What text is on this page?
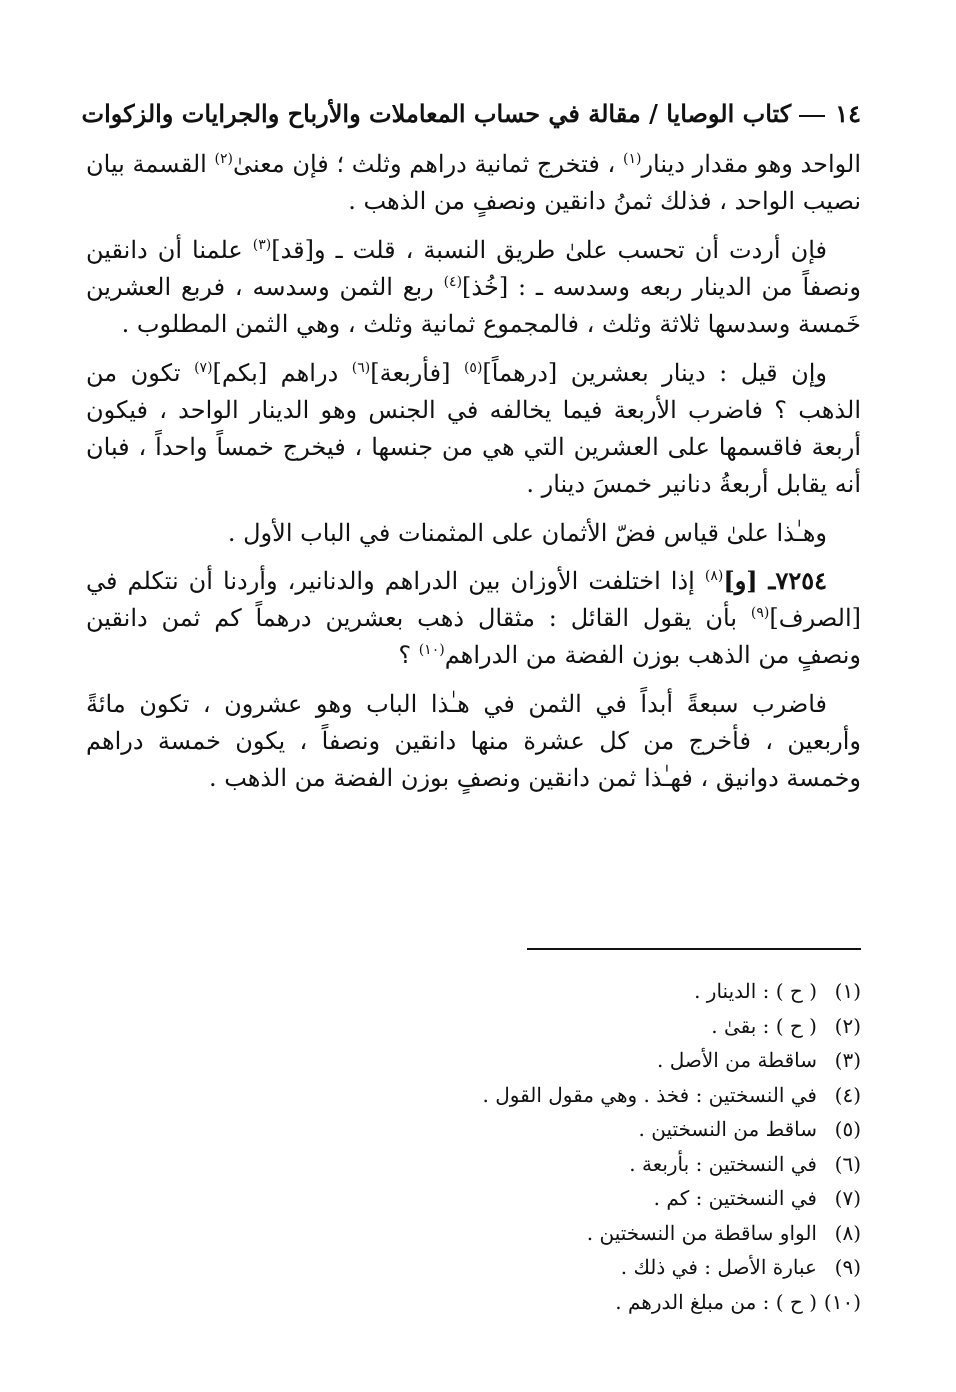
١٤كتاب الوصايا / مقالة في حساب المعاملات والأرباح والجرايات والزكوات

الواحد وهو مقدار دينار$^{(١)}$ ، فتخرج ثمانية دراهم وثلث ؛ فإن معنىٰ$^{(٢)}$ القسمة بيان نصيب الواحد ، فذلك ثمنُ دانقين ونصفٍ من الذهب .

فإن أردت أن تحسب علىٰ طريق النسبة ، قلت ـ و[قد]$^{(٣)}$ علمنا أن دانقين ونصفاً من الدينار ربعه وسدسه ـ : [خُذ]$^{(٤)}$ ربع الثمن وسدسه ، فربع العشرين خَمسة وسدسها ثلاثة وثلث ، فالمجموع ثمانية وثلث ، وهي الثمن المطلوب .

وإن قيل : دينار بعشرين [درهماً]$^{(٥)}$ [فأربعة]$^{(٦)}$ دراهم [بكم]$^{(٧)}$ تكون من الذهب ؟ فاضرب الأربعة فيما يخالفه في الجنس وهو الدينار الواحد ، فيكون أربعة فاقسمها على العشرين التي هي من جنسها ، فيخرج خمساً واحداً ، فبان أنه يقابل أربعةُ دنانير خمسَ دينار .

وهـٰذا علىٰ قياس فضّ الأثمان على المثمنات في الباب الأول .

٧٢٥٤ـ [و]$^{(٨)}$ إذا اختلفت الأوزان بين الدراهم والدنانير، وأردنا أن نتكلم في [الصرف]$^{(٩)}$ بأن يقول القائل : مثقال ذهب بعشرين درهماً كم ثمن دانقين ونصفٍ من الذهب بوزن الفضة من الدراهم$^{(١٠)}$ ؟

فاضرب سبعةً أبداً في الثمن في هـٰذا الباب وهو عشرون ، تكون مائةً وأربعين ، فأخرج من كل عشرة منها دانقين ونصفاً ، يكون خمسة دراهم وخمسة دوانيق ، فهـٰذا ثمن دانقين ونصفٍ بوزن الفضة من الذهب .

(١)( ح ) : الدينار .
(٢)( ح ) : بقىٰ .
(٣)ساقطة من الأصل .
(٤)في النسختين : فخذ . وهي مقول القول .
(٥)ساقط من النسختين .
(٦)في النسختين : بأربعة .
(٧)في النسختين : كم .
(٨)الواو ساقطة من النسختين .
(٩)عبارة الأصل : في ذلك .
(١٠)( ح ) : من مبلغ الدرهم .
